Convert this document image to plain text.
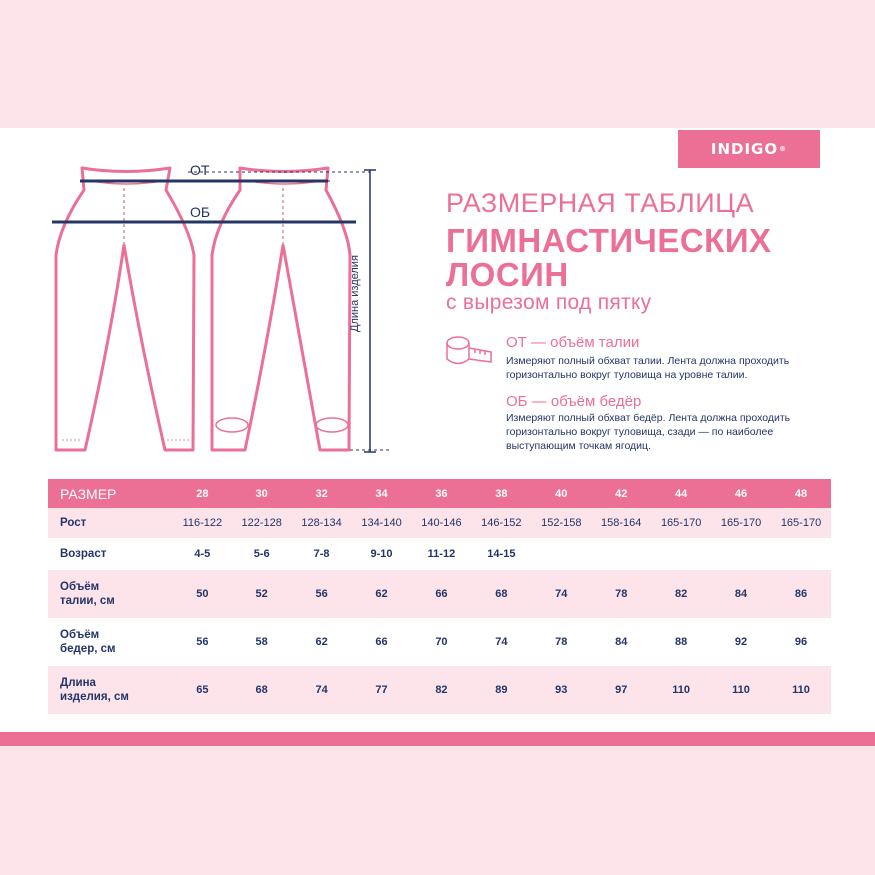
ОТ
ОБ
Длина изделия
INDIGO ®
РАЗМЕРНАЯ ТАБЛИЦА
ГИМНАСТИЧЕСКИХ
ЛОСИН
с вырезом под пятку
ОТ — объём талии
Измеряют полный обхват талии. Лента должна проходить горизонтально вокруг туловища на уровне талии.
ОБ — объём бедёр
Измеряют полный обхват бедёр. Лента должна проходить горизонтально вокруг туловища, сзади — по наиболее выступающим точкам ягодиц.
РАЗМЕР	28	30	32	34	36	38	40	42	44	46	48
Рост	116-122	122-128	128-134	134-140	140-146	146-152	152-158	158-164	165-170	165-170	165-170
Возраст	4-5	5-6	7-8	9-10	11-12	14-15					
Объём
талии, см	50	52	56	62	66	68	74	78	82	84	86
Объём
бедер, см	56	58	62	66	70	74	78	84	88	92	96
Длина
изделия, см	65	68	74	77	82	89	93	97	110	110	110
